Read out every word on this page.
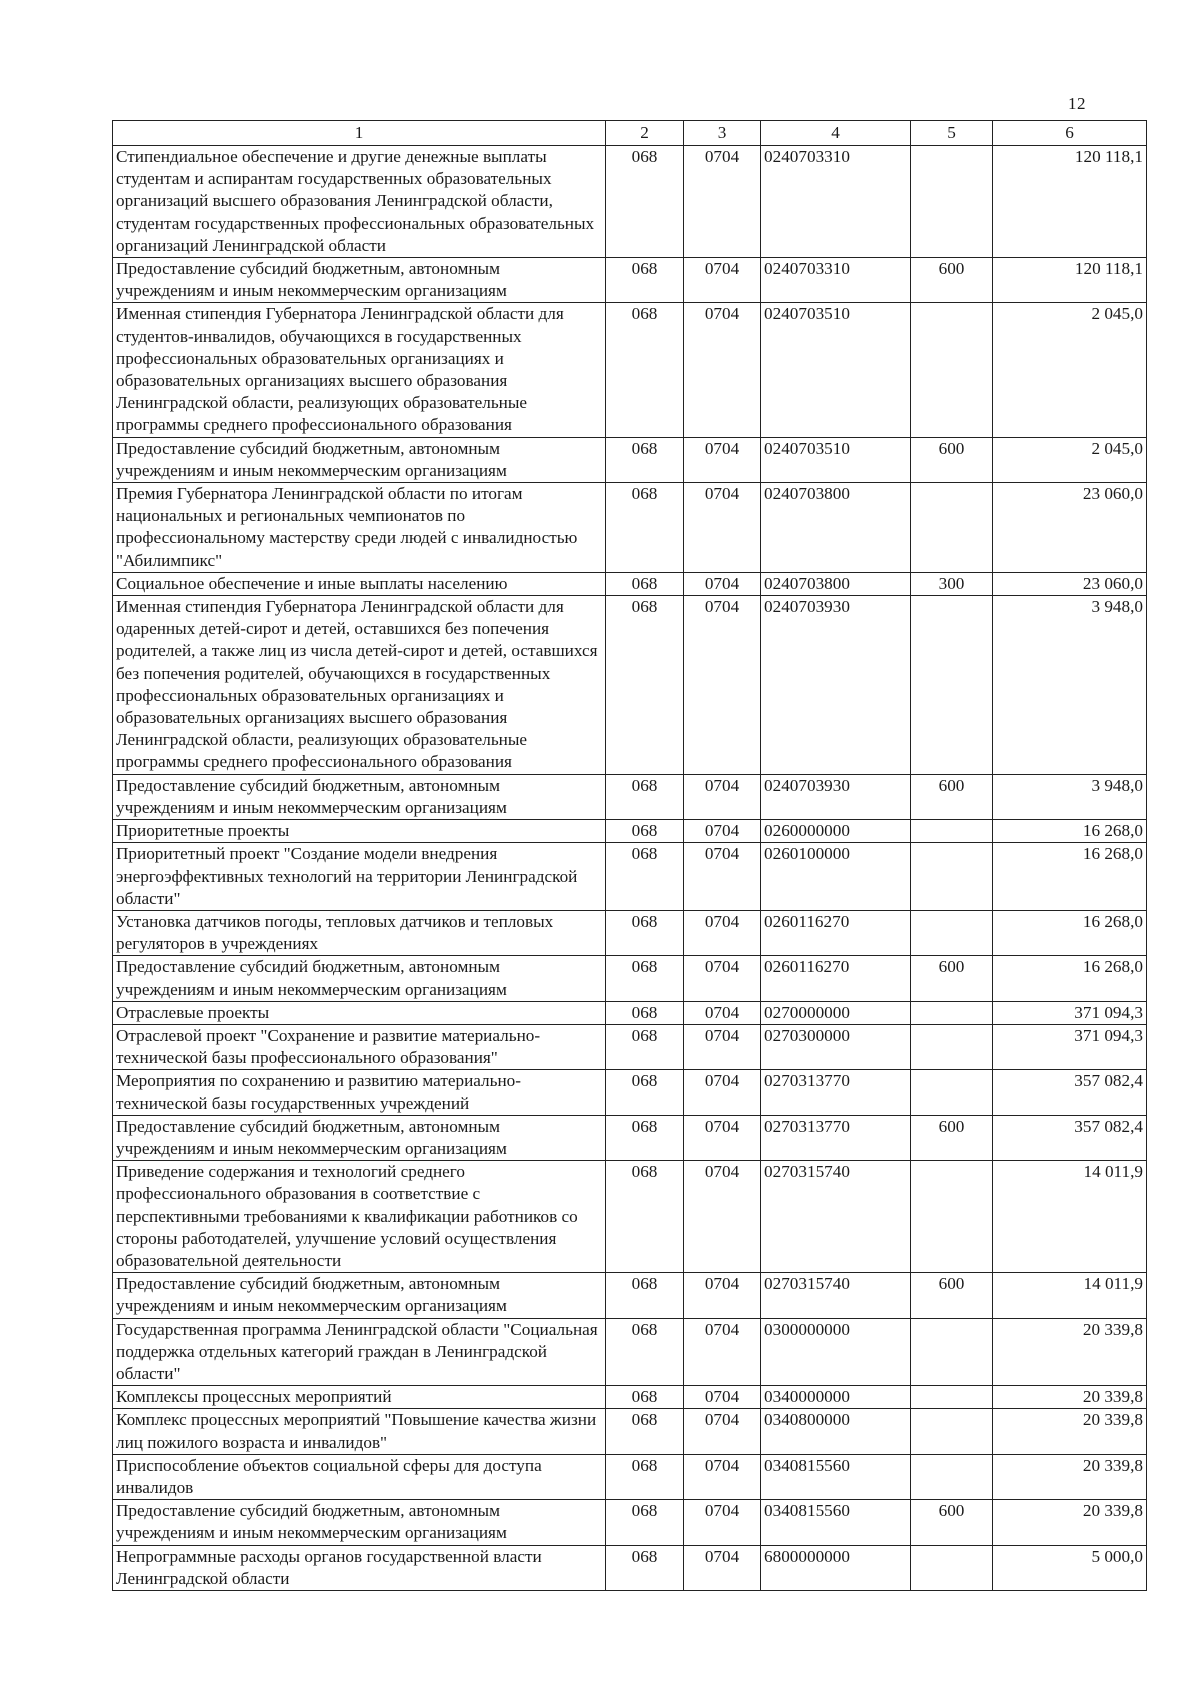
12
1	2	3	4	5	6
Стипендиальное обеспечение и другие денежные выплаты студентам и аспирантам государственных образовательных организаций высшего образования Ленинградской области, студентам государственных профессиональных образовательных организаций Ленинградской области	068	0704	0240703310		120 118,1
Предоставление субсидий бюджетным, автономным учреждениям и иным некоммерческим организациям	068	0704	0240703310	600	120 118,1
Именная стипендия Губернатора Ленинградской области для студентов-инвалидов, обучающихся в государственных профессиональных образовательных организациях и образовательных организациях высшего образования Ленинградской области, реализующих образовательные программы среднего профессионального образования	068	0704	0240703510		2 045,0
Предоставление субсидий бюджетным, автономным учреждениям и иным некоммерческим организациям	068	0704	0240703510	600	2 045,0
Премия Губернатора Ленинградской области по итогам национальных и региональных чемпионатов по профессиональному мастерству среди людей с инвалидностью "Абилимпикс"	068	0704	0240703800		23 060,0
Социальное обеспечение и иные выплаты населению	068	0704	0240703800	300	23 060,0
Именная стипендия Губернатора Ленинградской области для одаренных детей-сирот и детей, оставшихся без попечения родителей, а также лиц из числа детей-сирот и детей, оставшихся без попечения родителей, обучающихся в государственных профессиональных образовательных организациях и образовательных организациях высшего образования Ленинградской области, реализующих образовательные программы среднего профессионального образования	068	0704	0240703930		3 948,0
Предоставление субсидий бюджетным, автономным учреждениям и иным некоммерческим организациям	068	0704	0240703930	600	3 948,0
Приоритетные проекты	068	0704	0260000000		16 268,0
Приоритетный проект "Создание модели внедрения энергоэффективных технологий на территории Ленинградской области"	068	0704	0260100000		16 268,0
Установка датчиков погоды, тепловых датчиков и тепловых регуляторов в учреждениях	068	0704	0260116270		16 268,0
Предоставление субсидий бюджетным, автономным учреждениям и иным некоммерческим организациям	068	0704	0260116270	600	16 268,0
Отраслевые проекты	068	0704	0270000000		371 094,3
Отраслевой проект "Сохранение и развитие материально-технической базы профессионального образования"	068	0704	0270300000		371 094,3
Мероприятия по сохранению и развитию материально-технической базы государственных учреждений	068	0704	0270313770		357 082,4
Предоставление субсидий бюджетным, автономным учреждениям и иным некоммерческим организациям	068	0704	0270313770	600	357 082,4
Приведение содержания и технологий среднего профессионального образования в соответствие с перспективными требованиями к квалификации работников со стороны работодателей, улучшение условий осуществления образовательной деятельности	068	0704	0270315740		14 011,9
Предоставление субсидий бюджетным, автономным учреждениям и иным некоммерческим организациям	068	0704	0270315740	600	14 011,9
Государственная программа Ленинградской области "Социальная поддержка отдельных категорий граждан в Ленинградской области"	068	0704	0300000000		20 339,8
Комплексы процессных мероприятий	068	0704	0340000000		20 339,8
Комплекс процессных мероприятий "Повышение качества жизни лиц пожилого возраста и инвалидов"	068	0704	0340800000		20 339,8
Приспособление объектов социальной сферы для доступа инвалидов	068	0704	0340815560		20 339,8
Предоставление субсидий бюджетным, автономным учреждениям и иным некоммерческим организациям	068	0704	0340815560	600	20 339,8
Непрограммные расходы органов государственной власти Ленинградской области	068	0704	6800000000		5 000,0
